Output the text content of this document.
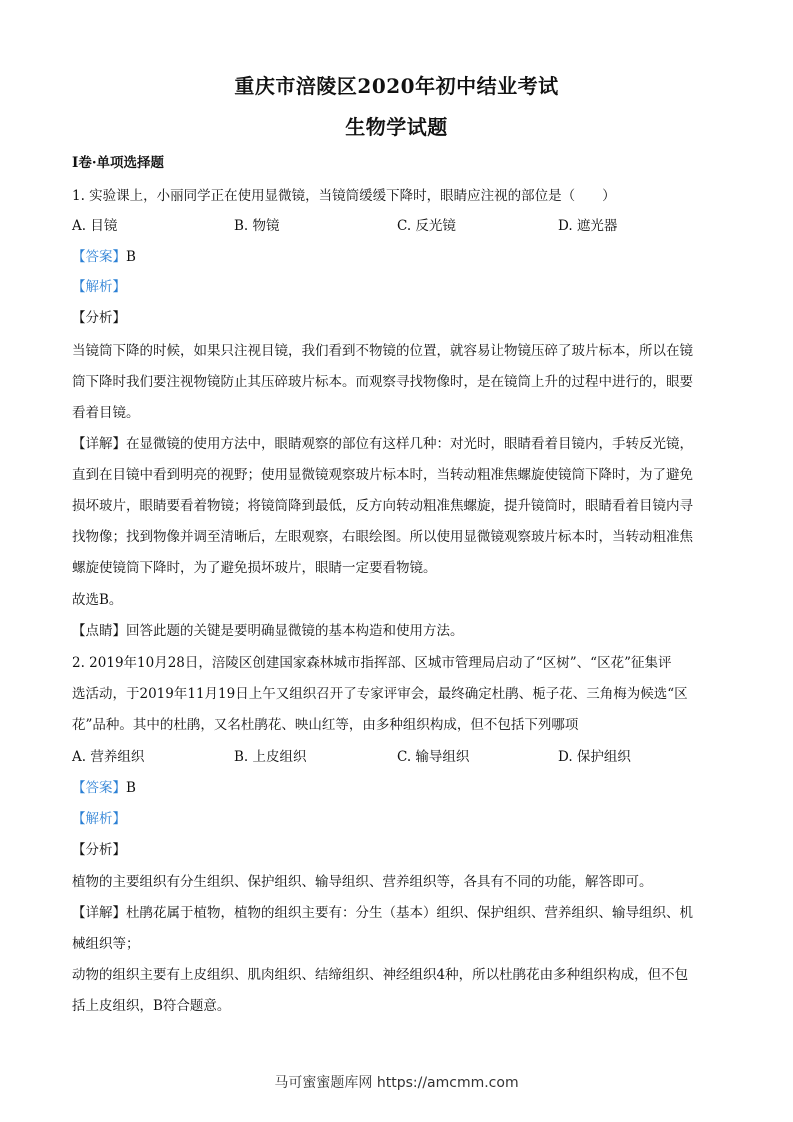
重庆市涪陵区2020年初中结业考试
生物学试题
Ⅰ卷·单项选择题
1. 实验课上，小丽同学正在使用显微镜，当镜筒缓缓下降时，眼睛应注视的部位是（　　）
A. 目镜	B. 物镜	C. 反光镜	D. 遮光器
【答案】B
【解析】
【分析】
当镜筒下降的时候，如果只注视目镜，我们看到不物镜的位置，就容易让物镜压碎了玻片标本，所以在镜
筒下降时我们要注视物镜防止其压碎玻片标本。而观察寻找物像时，是在镜筒上升的过程中进行的，眼要
看着目镜。
【详解】在显微镜的使用方法中，眼睛观察的部位有这样几种：对光时，眼睛看着目镜内，手转反光镜，
直到在目镜中看到明亮的视野；使用显微镜观察玻片标本时，当转动粗准焦螺旋使镜筒下降时，为了避免
损坏玻片，眼睛要看着物镜；将镜筒降到最低，反方向转动粗准焦螺旋，提升镜筒时，眼睛看着目镜内寻
找物像；找到物像并调至清晰后，左眼观察，右眼绘图。所以使用显微镜观察玻片标本时，当转动粗准焦
螺旋使镜筒下降时，为了避免损坏玻片，眼睛一定要看物镜。
故选B。
【点睛】回答此题的关键是要明确显微镜的基本构造和使用方法。
2. 2019年10月28日，涪陵区创建国家森林城市指挥部、区城市管理局启动了“区树”、“区花”征集评
选活动，于2019年11月19日上午又组织召开了专家评审会，最终确定杜鹃、栀子花、三角梅为候选“区
花”品种。其中的杜鹃，又名杜鹃花、映山红等，由多种组织构成，但不包括下列哪项
A. 营养组织	B. 上皮组织	C. 输导组织	D. 保护组织
【答案】B
【解析】
【分析】
植物的主要组织有分生组织、保护组织、输导组织、营养组织等，各具有不同的功能，解答即可。
【详解】杜鹃花属于植物，植物的组织主要有：分生（基本）组织、保护组织、营养组织、输导组织、机
械组织等；
动物的组织主要有上皮组织、肌肉组织、结缔组织、神经组织4种，所以杜鹃花由多种组织构成，但不包
括上皮组织，B符合题意。
马可蜜蜜题库网 https://amcmm.com
